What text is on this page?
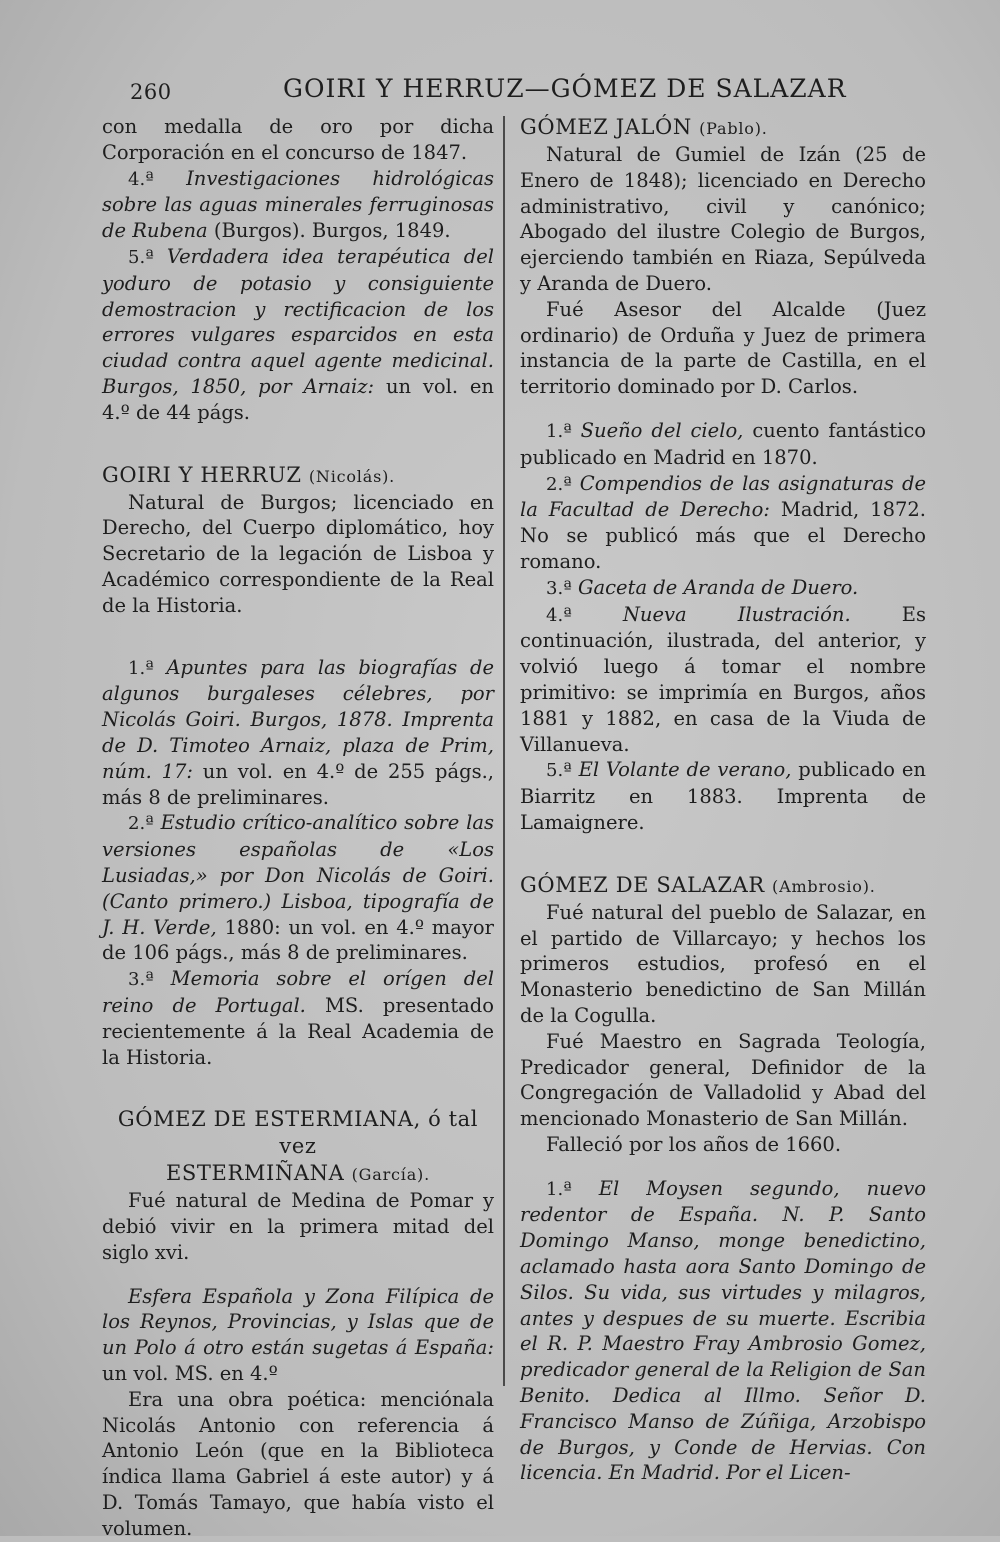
260	GOIRI Y HERRUZ—GÓMEZ DE SALAZAR

con medalla de oro por dicha Corporación en el concurso de 1847.

4.ª Investigaciones hidrológicas sobre las aguas minerales ferruginosas de Rubena (Burgos). Burgos, 1849.

5.ª Verdadera idea terapéutica del yoduro de potasio y consiguiente demostracion y rectificacion de los errores vulgares esparcidos en esta ciudad contra aquel agente medicinal. Burgos, 1850, por Arnaiz: un vol. en 4.º de 44 págs.

GOIRI Y HERRUZ (Nicolás).

Natural de Burgos; licenciado en Derecho, del Cuerpo diplomático, hoy Secretario de la legación de Lisboa y Académico correspondiente de la Real de la Historia.

1.ª Apuntes para las biografías de algunos burgaleses célebres, por Nicolás Goiri. Burgos, 1878. Imprenta de D. Timoteo Arnaiz, plaza de Prim, núm. 17: un vol. en 4.º de 255 págs., más 8 de preliminares.

2.ª Estudio crítico-analítico sobre las versiones españolas de «Los Lusiadas,» por Don Nicolás de Goiri. (Canto primero.) Lisboa, tipografía de J. H. Verde, 1880: un vol. en 4.º mayor de 106 págs., más 8 de preliminares.

3.ª Memoria sobre el orígen del reino de Portugal. MS. presentado recientemente á la Real Academia de la Historia.

GÓMEZ DE ESTERMIANA, ó tal vez
ESTERMIÑANA (García).

Fué natural de Medina de Pomar y debió vivir en la primera mitad del siglo xvi.

Esfera Española y Zona Filípica de los Reynos, Provincias, y Islas que de un Polo á otro están sugetas á España: un vol. MS. en 4.º

Era una obra poética: menciónala Nicolás Antonio con referencia á Antonio León (que en la Biblioteca índica llama Gabriel á este autor) y á D. Tomás Tamayo, que había visto el volumen.

GÓMEZ JALÓN (Pablo).

Natural de Gumiel de Izán (25 de Enero de 1848); licenciado en Derecho administrativo, civil y canónico; Abogado del ilustre Colegio de Burgos, ejerciendo también en Riaza, Sepúlveda y Aranda de Duero.

Fué Asesor del Alcalde (Juez ordinario) de Orduña y Juez de primera instancia de la parte de Castilla, en el territorio dominado por D. Carlos.

1.ª Sueño del cielo, cuento fantástico publicado en Madrid en 1870.

2.ª Compendios de las asignaturas de la Facultad de Derecho: Madrid, 1872. No se publicó más que el Derecho romano.

3.ª Gaceta de Aranda de Duero.

4.ª	Nueva Ilustración.	Es continuación, ilustrada, del anterior, y volvió luego á tomar el nombre primitivo: se imprimía en Burgos, años 1881 y 1882, en casa de la Viuda de Villanueva.

5.ª El Volante de verano, publicado en Biarritz en 1883. Imprenta de Lamaignere.

GÓMEZ DE SALAZAR (Ambrosio).

Fué natural del pueblo de Salazar, en el partido de Villarcayo; y hechos los primeros estudios, profesó en el Monasterio benedictino de San Millán de la Cogulla.

Fué Maestro en Sagrada Teología, Predicador general, Definidor de la Congregación de Valladolid y Abad del mencionado Monasterio de San Millán.

Falleció por los años de 1660.

1.ª El Moysen segundo, nuevo redentor de España. N. P. Santo Domingo Manso, monge benedictino, aclamado hasta aora Santo Domingo de Silos. Su vida, sus virtudes y milagros, antes y despues de su muerte. Escribia el R. P. Maestro Fray Ambrosio Gomez, predicador general de la Religion de San Benito. Dedica al Illmo. Señor D. Francisco Manso de Zúñiga, Arzobispo de Burgos, y Conde de Hervias. Con licencia. En Madrid. Por el Licen-
